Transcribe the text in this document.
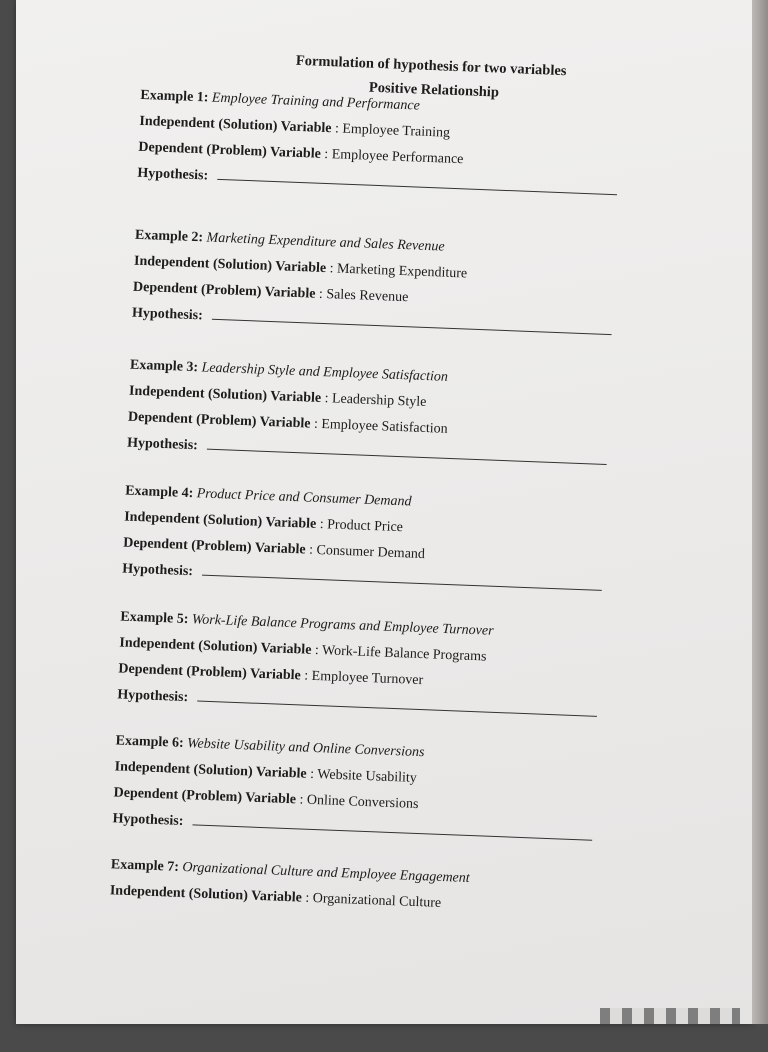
Formulation of hypothesis for two variables
Positive Relationship
Example 1: Employee Training and Performance
Independent (Solution) Variable : Employee Training
Dependent (Problem) Variable : Employee Performance
Hypothesis:
Example 2: Marketing Expenditure and Sales Revenue
Independent (Solution) Variable : Marketing Expenditure
Dependent (Problem) Variable : Sales Revenue
Hypothesis:
Example 3: Leadership Style and Employee Satisfaction
Independent (Solution) Variable : Leadership Style
Dependent (Problem) Variable : Employee Satisfaction
Hypothesis:
Example 4: Product Price and Consumer Demand
Independent (Solution) Variable : Product Price
Dependent (Problem) Variable : Consumer Demand
Hypothesis:
Example 5: Work-Life Balance Programs and Employee Turnover
Independent (Solution) Variable : Work-Life Balance Programs
Dependent (Problem) Variable : Employee Turnover
Hypothesis:
Example 6: Website Usability and Online Conversions
Independent (Solution) Variable : Website Usability
Dependent (Problem) Variable : Online Conversions
Hypothesis:
Example 7: Organizational Culture and Employee Engagement
Independent (Solution) Variable : Organizational Culture
